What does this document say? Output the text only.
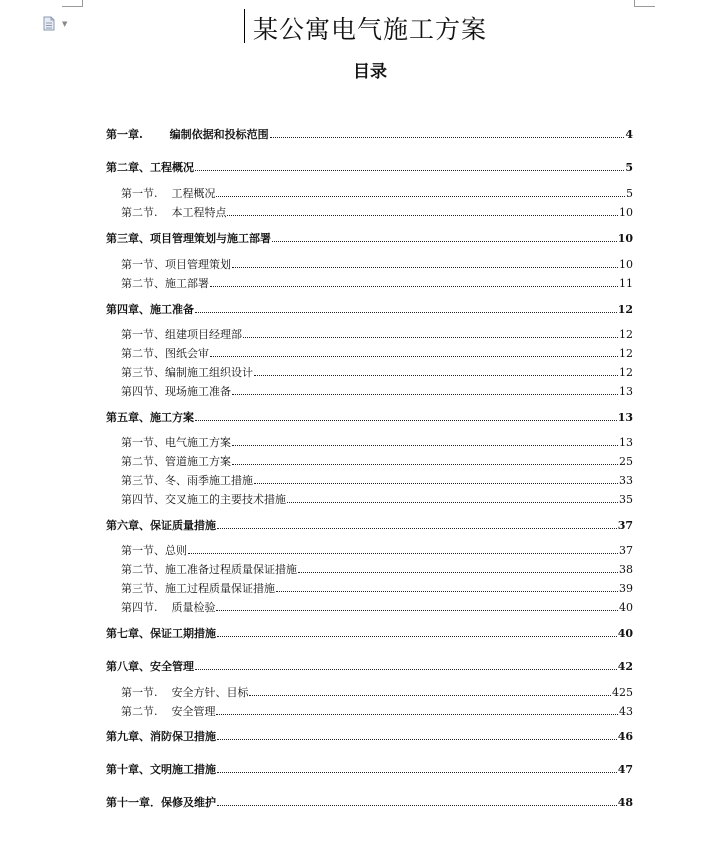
▼	某公寓电气施工方案
目录
第一章.       编制依据和投标范围	4
第二章、工程概况	5
第一节.    工程概况	5
第二节.    本工程特点	10
第三章、项目管理策划与施工部署	10
第一节、项目管理策划	10
第二节、施工部署	11
第四章、施工准备	12
第一节、组建项目经理部	12
第二节、图纸会审	12
第三节、编制施工组织设计	12
第四节、现场施工准备	13
第五章、施工方案	13
第一节、电气施工方案	13
第二节、管道施工方案	25
第三节、冬、雨季施工措施	33
第四节、交叉施工的主要技术措施	35
第六章、保证质量措施	37
第一节、总则	37
第二节、施工准备过程质量保证措施	38
第三节、施工过程质量保证措施	39
第四节.    质量检验	40
第七章、保证工期措施	40
第八章、安全管理	42
第一节.    安全方针、目标	425
第二节.    安全管理	43
第九章、消防保卫措施	46
第十章、文明施工措施	47
第十一章．保修及维护	48
